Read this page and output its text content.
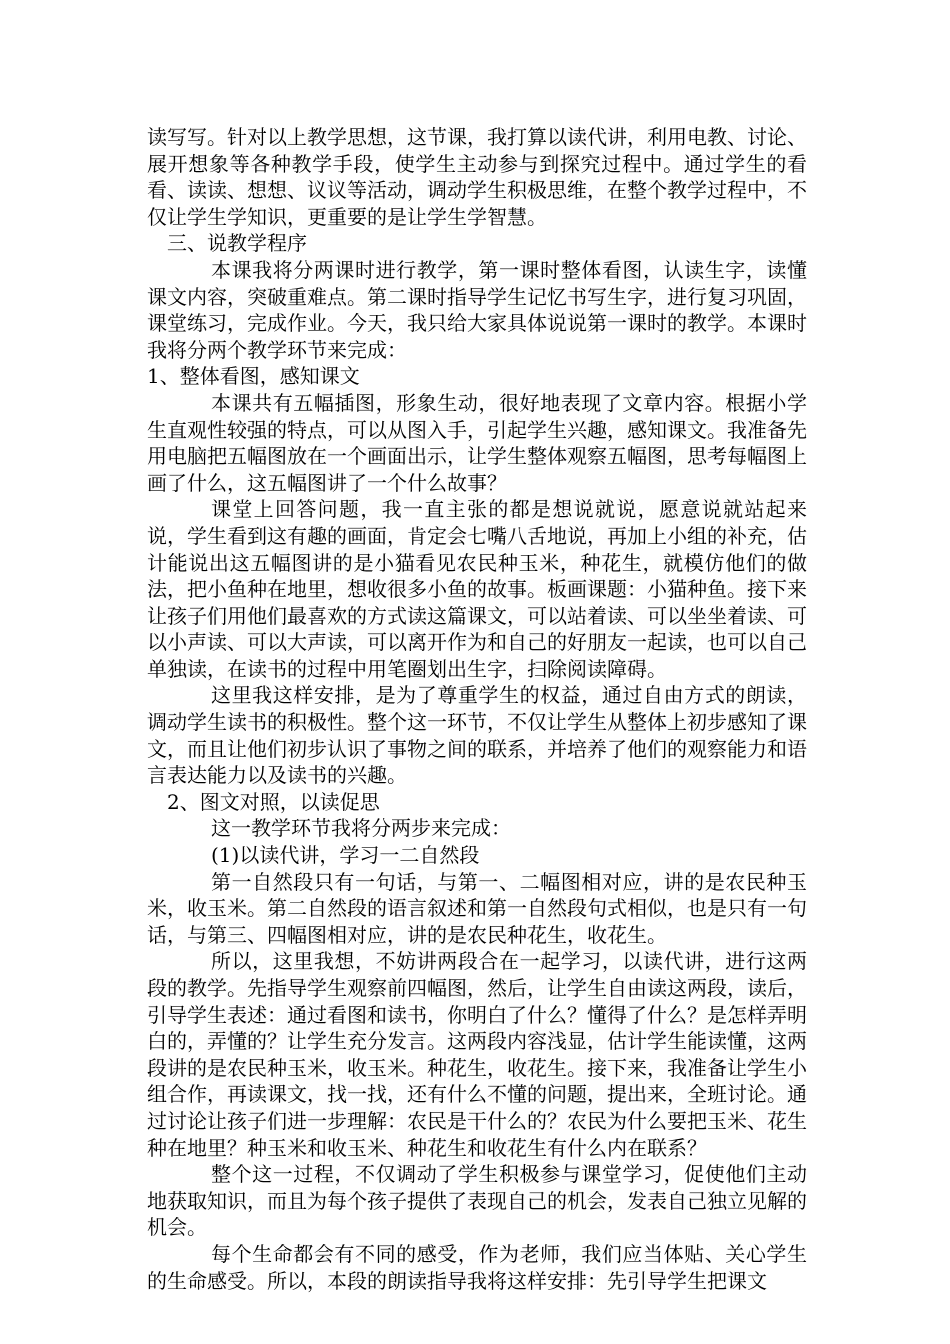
读写写。针对以上教学思想，这节课，我打算以读代讲，利用电教、讨论、展开想象等各种教学手段，使学生主动参与到探究过程中。通过学生的看看、读读、想想、议议等活动，调动学生积极思维，在整个教学过程中，不仅让学生学知识，更重要的是让学生学智慧。

三、说教学程序

本课我将分两课时进行教学，第一课时整体看图，认读生字，读懂课文内容，突破重难点。第二课时指导学生记忆书写生字，进行复习巩固，课堂练习，完成作业。今天，我只给大家具体说说第一课时的教学。本课时我将分两个教学环节来完成：

1、整体看图，感知课文

本课共有五幅插图，形象生动，很好地表现了文章内容。根据小学生直观性较强的特点，可以从图入手，引起学生兴趣，感知课文。我准备先用电脑把五幅图放在一个画面出示，让学生整体观察五幅图，思考每幅图上画了什么，这五幅图讲了一个什么故事？

课堂上回答问题，我一直主张的都是想说就说，愿意说就站起来说，学生看到这有趣的画面，肯定会七嘴八舌地说，再加上小组的补充，估计能说出这五幅图讲的是小猫看见农民种玉米，种花生，就模仿他们的做法，把小鱼种在地里，想收很多小鱼的故事。板画课题：小猫种鱼。接下来让孩子们用他们最喜欢的方式读这篇课文，可以站着读、可以坐坐着读、可以小声读、可以大声读，可以离开作为和自己的好朋友一起读，也可以自己单独读，在读书的过程中用笔圈划出生字，扫除阅读障碍。

这里我这样安排，是为了尊重学生的权益，通过自由方式的朗读，调动学生读书的积极性。整个这一环节，不仅让学生从整体上初步感知了课文，而且让他们初步认识了事物之间的联系，并培养了他们的观察能力和语言表达能力以及读书的兴趣。

2、图文对照，以读促思

这一教学环节我将分两步来完成：

(1)以读代讲，学习一二自然段

第一自然段只有一句话，与第一、二幅图相对应，讲的是农民种玉米，收玉米。第二自然段的语言叙述和第一自然段句式相似，也是只有一句话，与第三、四幅图相对应，讲的是农民种花生，收花生。

所以，这里我想，不妨讲两段合在一起学习，以读代讲，进行这两段的教学。先指导学生观察前四幅图，然后，让学生自由读这两段，读后，引导学生表述：通过看图和读书，你明白了什么？懂得了什么？是怎样弄明白的，弄懂的？让学生充分发言。这两段内容浅显，估计学生能读懂，这两段讲的是农民种玉米，收玉米。种花生，收花生。接下来，我准备让学生小组合作，再读课文，找一找，还有什么不懂的问题，提出来，全班讨论。通过讨论让孩子们进一步理解：农民是干什么的？农民为什么要把玉米、花生种在地里？种玉米和收玉米、种花生和收花生有什么内在联系？

整个这一过程，不仅调动了学生积极参与课堂学习，促使他们主动地获取知识，而且为每个孩子提供了表现自己的机会，发表自己独立见解的机会。

每个生命都会有不同的感受，作为老师，我们应当体贴、关心学生的生命感受。所以，本段的朗读指导我将这样安排：先引导学生把课文
